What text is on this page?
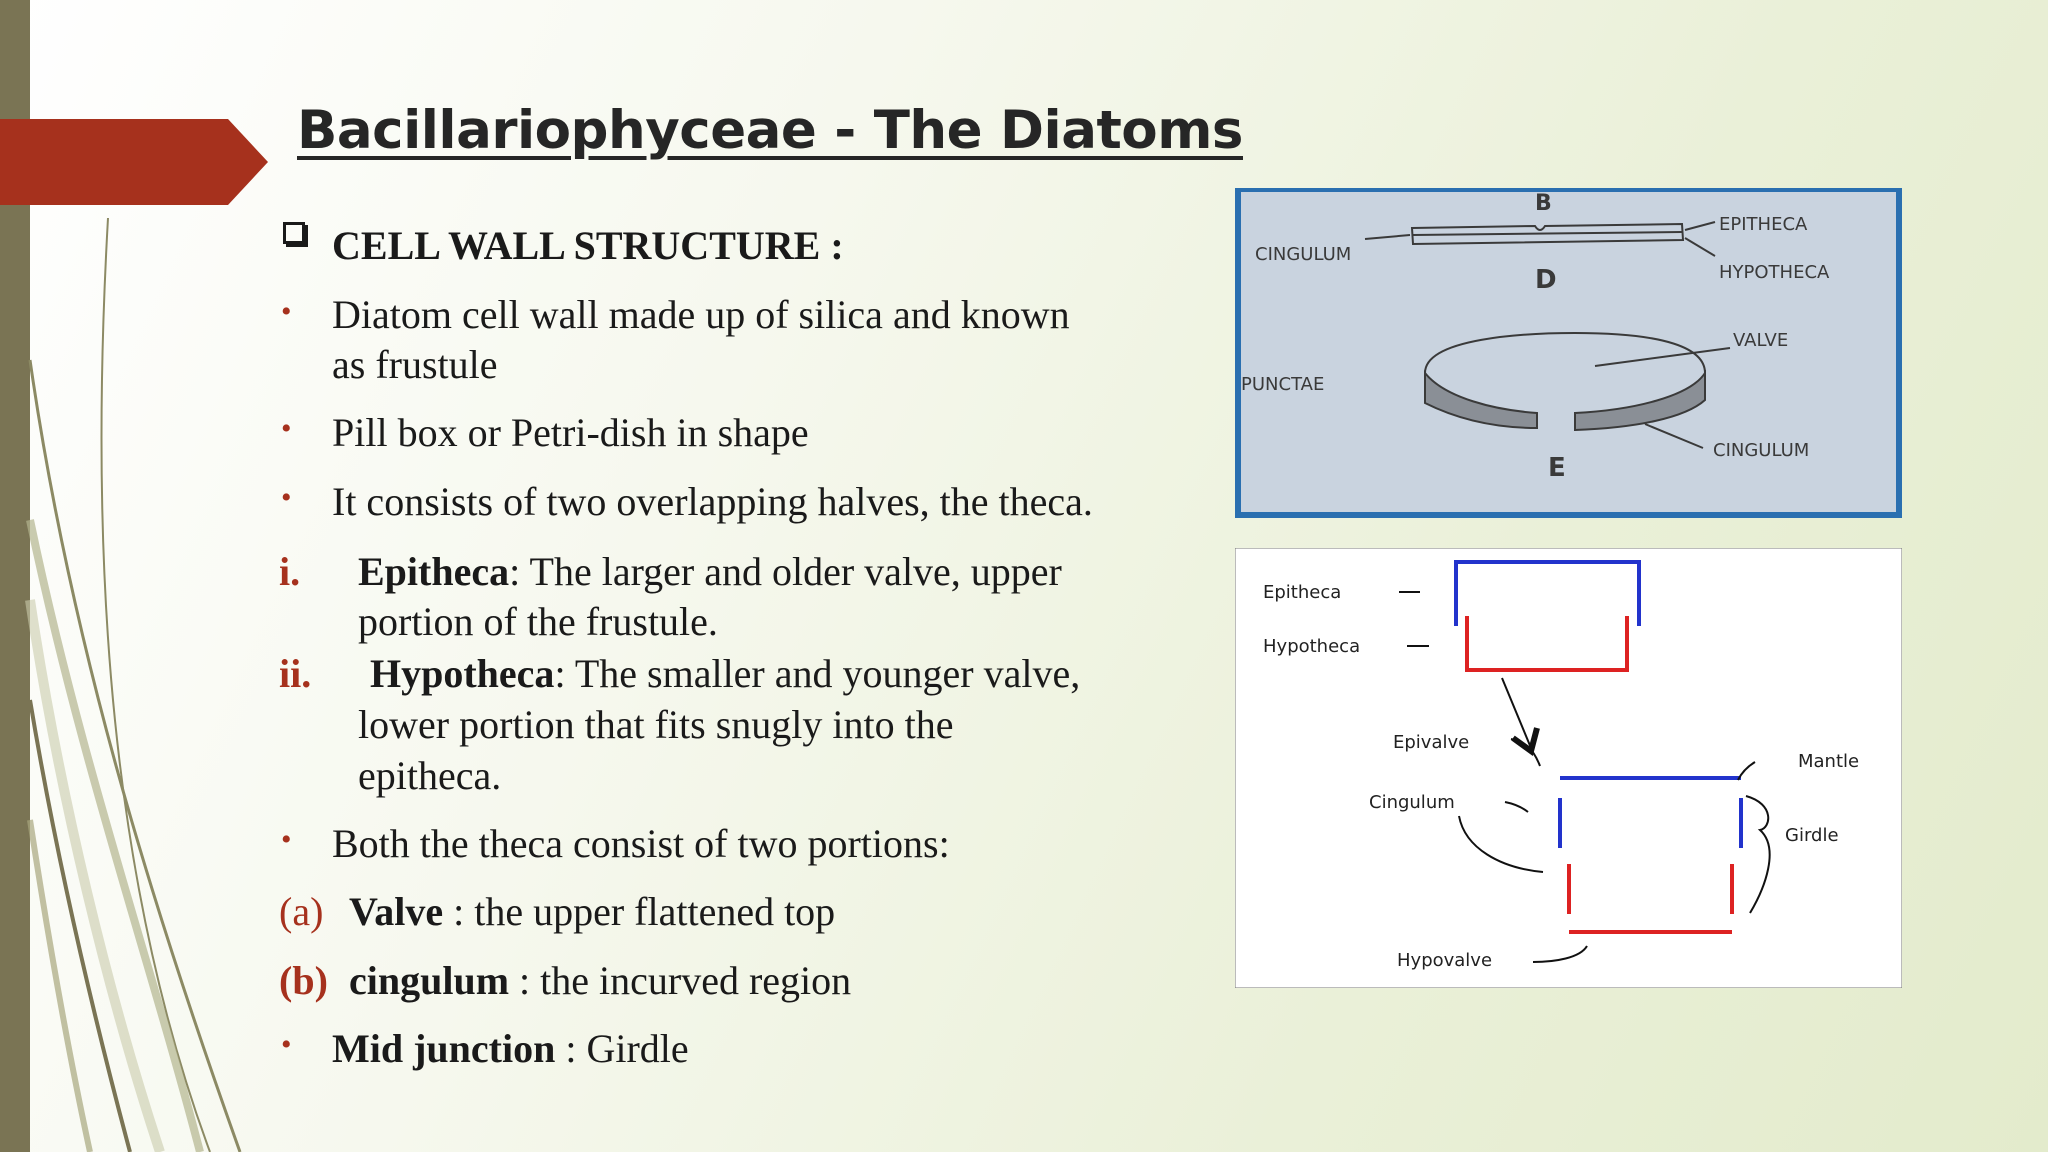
Bacillariophyceae - The Diatoms
CELL WALL STRUCTURE :
• Diatom cell wall made up of silica and known
as frustule
• Pill box or Petri-dish in shape
• It consists of two overlapping halves, the theca.
i. Epitheca: The larger and older valve, upper
portion of the frustule.
ii. Hypotheca: The smaller and younger valve,
lower portion that fits snugly into the
epitheca.
• Both the theca consist of two portions:
(a) Valve : the upper flattened top
(b) cingulum : the incurved region
• Mid junction : Girdle
CINGULUM
EPITHECA
HYPOTHECA
B
D
VALVE
PUNCTAE
CINGULUM
E
Epitheca
Hypotheca
Epivalve
Mantle
Cingulum
Girdle
Hypovalve
